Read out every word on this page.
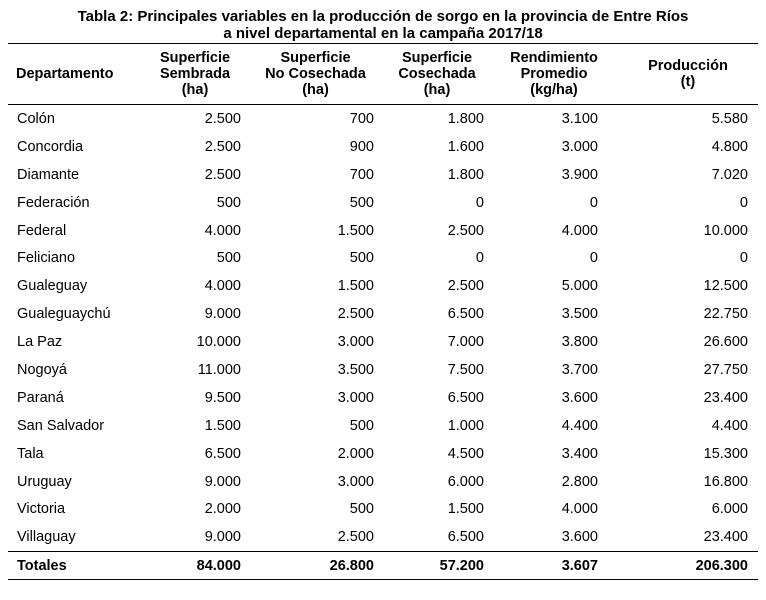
Tabla 2: Principales variables en la producción de sorgo en la provincia de Entre Ríos
a nivel departamental en la campaña 2017/18
Departamento	Superficie
Sembrada
(ha)	Superficie
No Cosechada
(ha)	Superficie
Cosechada
(ha)	Rendimiento
Promedio
(kg/ha)	Producción
(t)

Colón	2.500	700	1.800	3.100	5.580
Concordia	2.500	900	1.600	3.000	4.800
Diamante	2.500	700	1.800	3.900	7.020
Federación	500	500	0	0	0
Federal	4.000	1.500	2.500	4.000	10.000
Feliciano	500	500	0	0	0
Gualeguay	4.000	1.500	2.500	5.000	12.500
Gualeguaychú	9.000	2.500	6.500	3.500	22.750
La Paz	10.000	3.000	7.000	3.800	26.600
Nogoyá	11.000	3.500	7.500	3.700	27.750
Paraná	9.500	3.000	6.500	3.600	23.400
San Salvador	1.500	500	1.000	4.400	4.400
Tala	6.500	2.000	4.500	3.400	15.300
Uruguay	9.000	3.000	6.000	2.800	16.800
Victoria	2.000	500	1.500	4.000	6.000
Villaguay	9.000	2.500	6.500	3.600	23.400
Totales	84.000	26.800	57.200	3.607	206.300
